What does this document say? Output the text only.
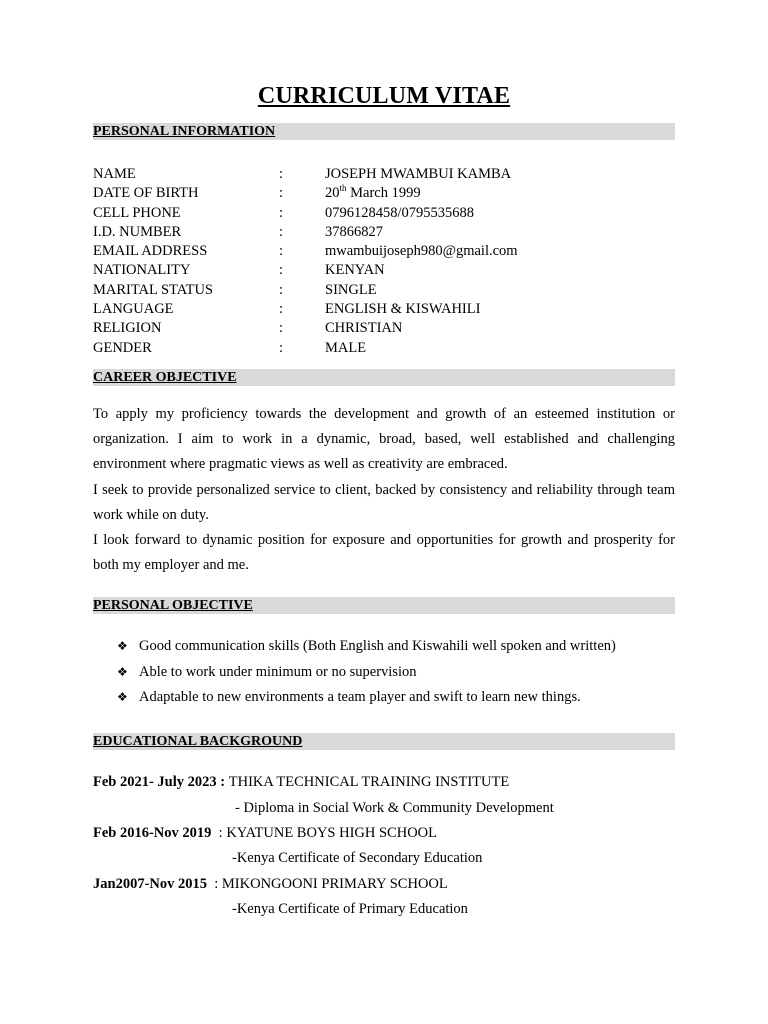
CURRICULUM VITAE
PERSONAL INFORMATION
NAME	:	JOSEPH MWAMBUI KAMBA
DATE OF BIRTH	:	20th March 1999
CELL PHONE	:	0796128458/0795535688
I.D. NUMBER	:	37866827
EMAIL ADDRESS	:	mwambuijoseph980@gmail.com
NATIONALITY	:	KENYAN
MARITAL STATUS	:	SINGLE
LANGUAGE	:	ENGLISH & KISWAHILI
RELIGION	:	CHRISTIAN
GENDER	:	MALE
CAREER OBJECTIVE

To apply my proficiency towards the development and growth of an esteemed institution or organization. I aim to work in a dynamic, broad, based, well established and challenging environment where pragmatic views as well as creativity are embraced.

I seek to provide personalized service to client, backed by consistency and reliability through team work while on duty.

I look forward to dynamic position for exposure and opportunities for growth and prosperity for both my employer and me.

PERSONAL OBJECTIVE
❖ Good communication skills (Both English and Kiswahili well spoken and written)
❖ Able to work under minimum or no supervision
❖ Adaptable to new environments a team player and swift to learn new things.
EDUCATIONAL BACKGROUND
Feb 2021- July 2023 : THIKA TECHNICAL TRAINING INSTITUTE
- Diploma in Social Work & Community Development
Feb 2016-Nov 2019  : KYATUNE BOYS HIGH SCHOOL
-Kenya Certificate of Secondary Education
Jan2007-Nov 2015  : MIKONGOONI PRIMARY SCHOOL
-Kenya Certificate of Primary Education
